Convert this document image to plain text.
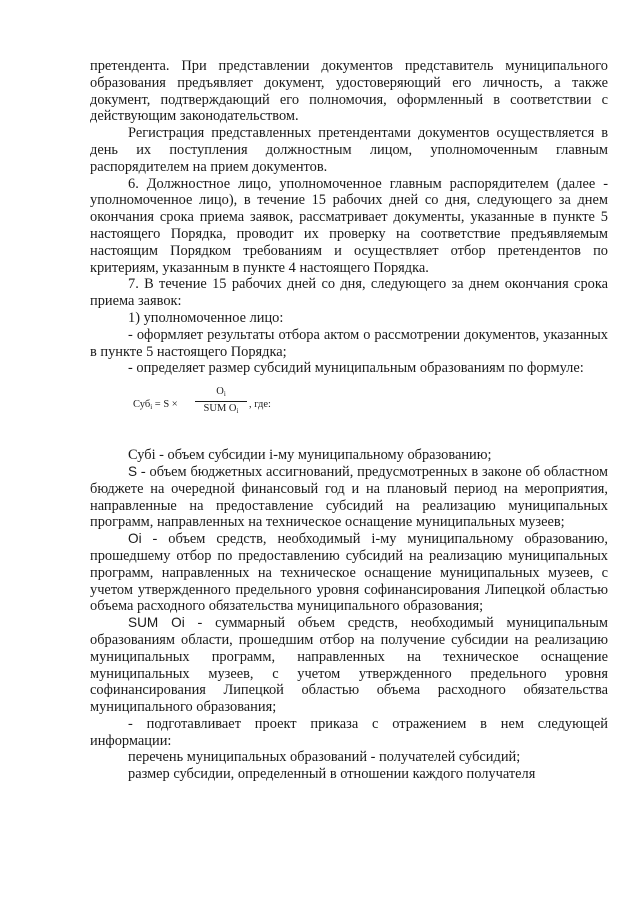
претендента. При представлении документов представитель муниципального образования предъявляет документ, удостоверяющий его личность, а также документ, подтверждающий его полномочия, оформленный в соответствии с действующим законодательством.

Регистрация представленных претендентами документов осуществляется в день их поступления должностным лицом, уполномоченным главным распорядителем на прием документов.

6. Должностное лицо, уполномоченное главным распорядителем (далее - уполномоченное лицо), в течение 15 рабочих дней со дня, следующего за днем окончания срока приема заявок, рассматривает документы, указанные в пункте 5 настоящего Порядка, проводит их проверку на соответствие предъявляемым настоящим Порядком требованиям и осуществляет отбор претендентов по критериям, указанным в пункте 4 настоящего Порядка.

7. В течение 15 рабочих дней со дня, следующего за днем окончания срока приема заявок:

1) уполномоченное лицо:

- оформляет результаты отбора актом о рассмотрении документов, указанных в пункте 5 настоящего Порядка;

- определяет размер субсидий муниципальным образованиям по формуле:

Суб$_i$ = S ×
$O_i$
SUM $O_i$
, где:

Субi - объем субсидии i-му муниципальному образованию;

S - объем бюджетных ассигнований, предусмотренных в законе об областном бюджете на очередной финансовый год и на плановый период на мероприятия, направленные на предоставление субсидий на реализацию муниципальных программ, направленных на техническое оснащение муниципальных музеев;

Oi - объем средств, необходимый i-му муниципальному образованию, прошедшему отбор по предоставлению субсидий на реализацию муниципальных программ, направленных на техническое оснащение муниципальных музеев, с учетом утвержденного предельного уровня софинансирования Липецкой областью объема расходного обязательства муниципального образования;

SUM Oi - суммарный объем средств, необходимый муниципальным образованиям области, прошедшим отбор на получение субсидии на реализацию муниципальных программ, направленных на техническое оснащение муниципальных музеев, с учетом утвержденного предельного уровня софинансирования Липецкой областью объема расходного обязательства муниципального образования;

- подготавливает проект приказа с отражением в нем следующей информации:

перечень муниципальных образований - получателей субсидий;

размер субсидии, определенный в отношении каждого получателя
